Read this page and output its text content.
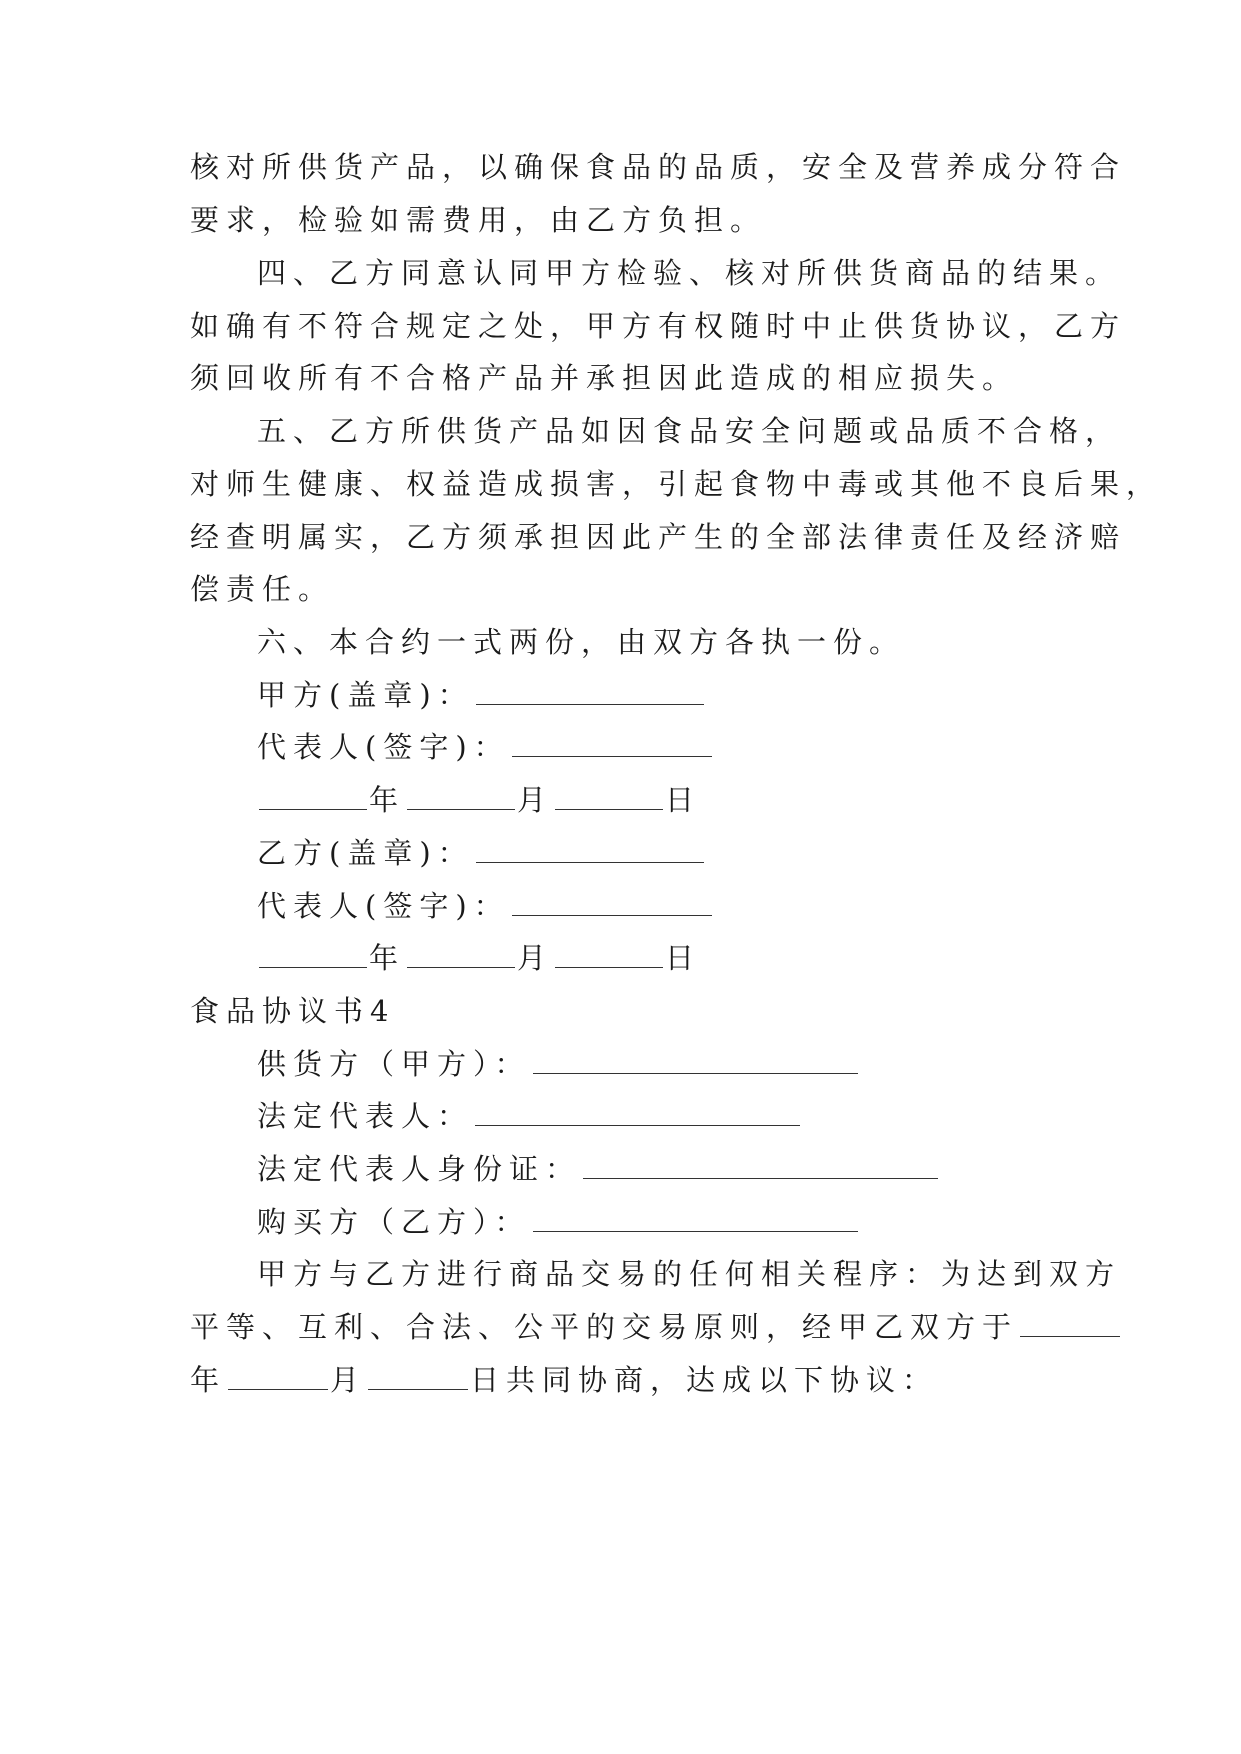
核对所供货产品，以确保食品的品质，安全及营养成分符合
要求，检验如需费用，由乙方负担。
四、乙方同意认同甲方检验、核对所供货商品的结果。
如确有不符合规定之处，甲方有权随时中止供货协议，乙方
须回收所有不合格产品并承担因此造成的相应损失。
五、乙方所供货产品如因食品安全问题或品质不合格，
对师生健康、权益造成损害，引起食物中毒或其他不良后果，
经查明属实，乙方须承担因此产生的全部法律责任及经济赔
偿责任。
六、本合约一式两份，由双方各执一份。
甲方(盖章)：
代表人(签字)：
年	月	日
乙方(盖章)：
代表人(签字)：
年	月	日
食品协议书4
供货方（甲方）：
法定代表人：
法定代表人身份证：
购买方（乙方）：
甲方与乙方进行商品交易的任何相关程序：为达到双方
平等、互利、合法、公平的交易原则，经甲乙双方于
年	月	日共同协商，达成以下协议：
